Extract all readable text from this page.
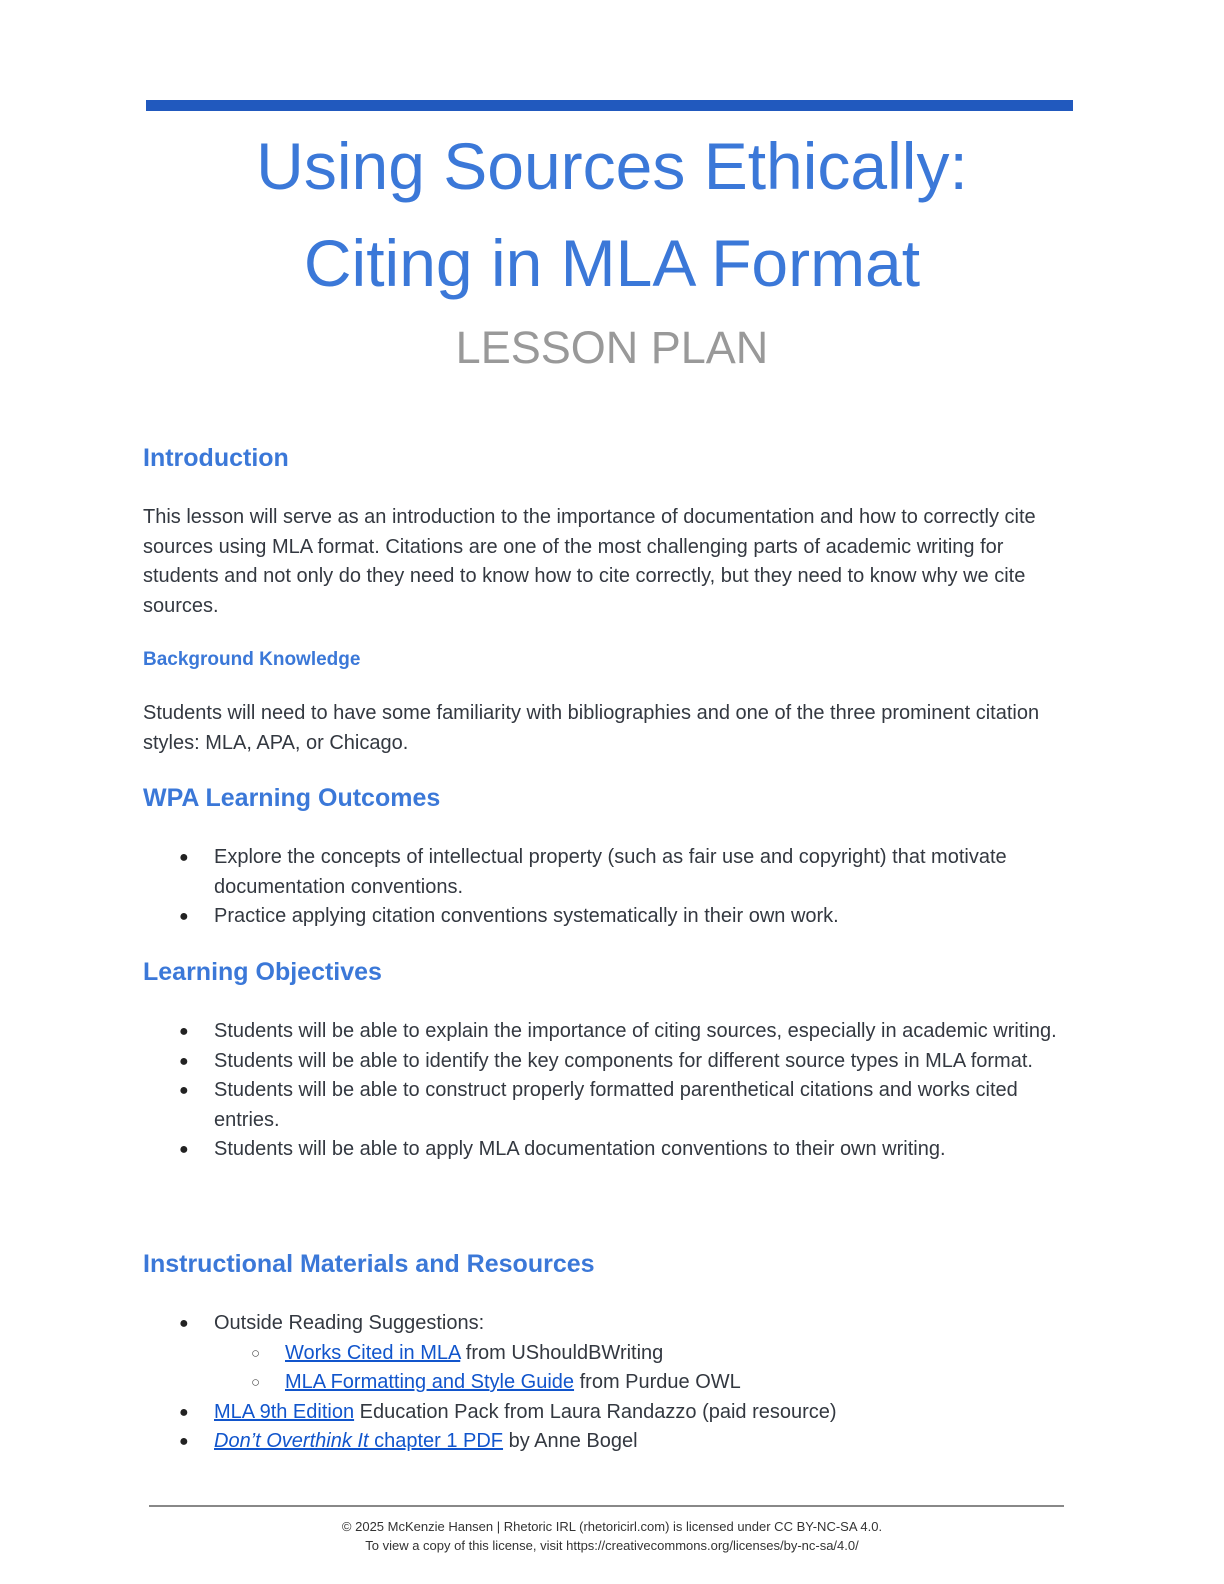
Using Sources Ethically:
Citing in MLA Format
LESSON PLAN
Introduction

This lesson will serve as an introduction to the importance of documentation and how to correctly cite sources using MLA format. Citations are one of the most challenging parts of academic writing for students and not only do they need to know how to cite correctly, but they need to know why we cite sources.

Background Knowledge

Students will need to have some familiarity with bibliographies and one of the three prominent citation styles: MLA, APA, or Chicago.

WPA Learning Outcomes
● Explore the concepts of intellectual property (such as fair use and copyright) that motivate documentation conventions.
● Practice applying citation conventions systematically in their own work.
Learning Objectives
● Students will be able to explain the importance of citing sources, especially in academic writing.
● Students will be able to identify the key components for different source types in MLA format.
● Students will be able to construct properly formatted parenthetical citations and works cited entries.
● Students will be able to apply MLA documentation conventions to their own writing.
Instructional Materials and Resources
● Outside Reading Suggestions:
○ Works Cited in MLA from UShouldBWriting
○ MLA Formatting and Style Guide from Purdue OWL
● MLA 9th Edition Education Pack from Laura Randazzo (paid resource)
● Don’t Overthink It chapter 1 PDF by Anne Bogel
© 2025 McKenzie Hansen | Rhetoric IRL (rhetoricirl.com) is licensed under CC BY-NC-SA 4.0.
To view a copy of this license, visit https://creativecommons.org/licenses/by-nc-sa/4.0/
